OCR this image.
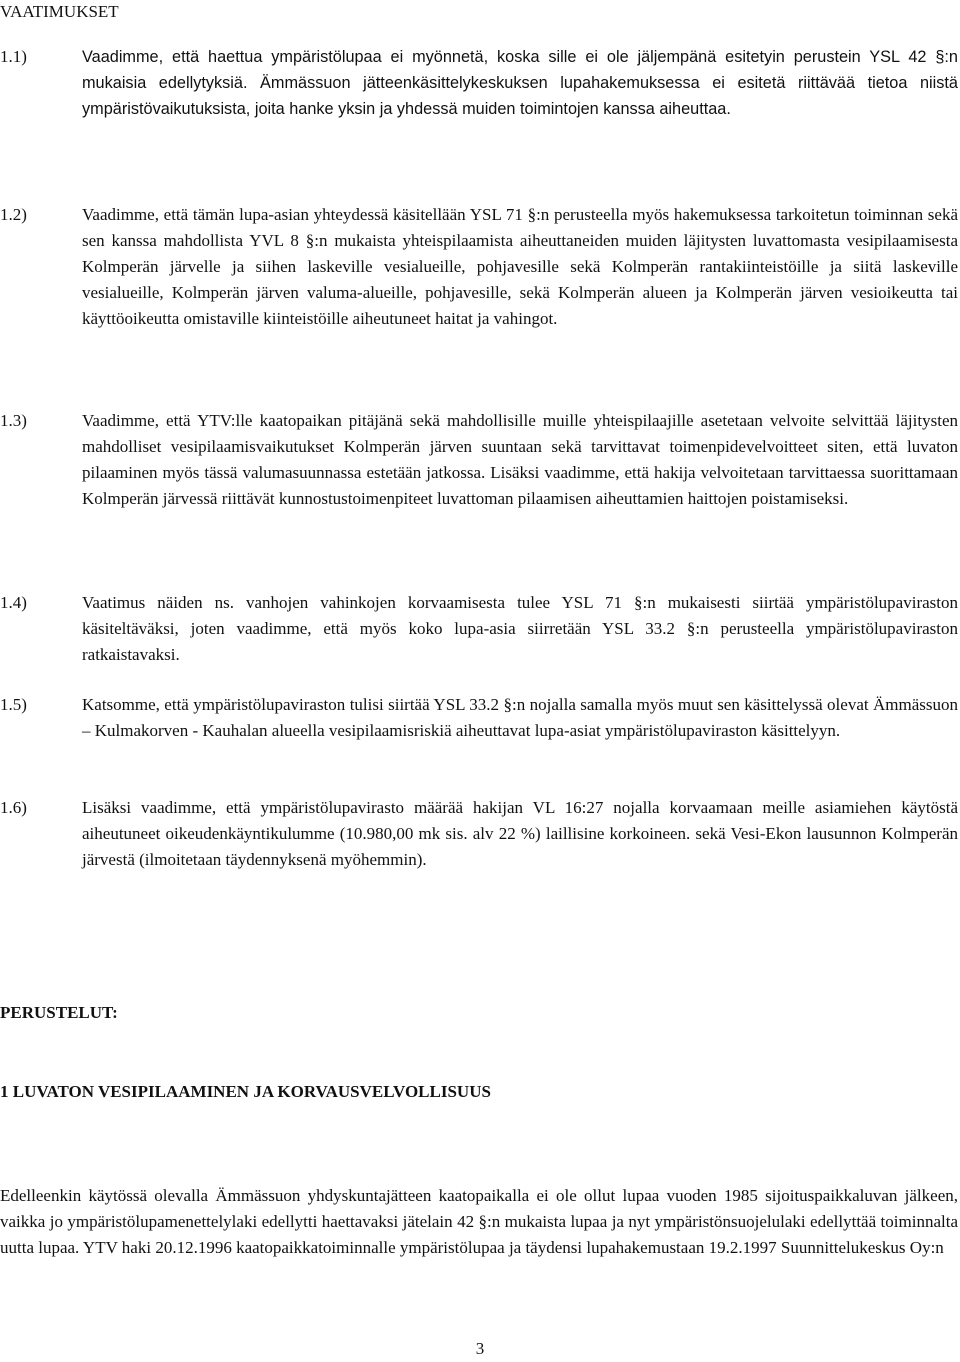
VAATIMUKSET
1.1)	Vaadimme, että haettua ympäristölupaa ei myönnetä, koska sille ei ole jäljempänä esitetyin perustein YSL 42 §:n mukaisia edellytyksiä. Ämmässuon jätteenkäsittelykeskuksen lupahakemuksessa ei esitetä riittävää tietoa niistä ympäristövaikutuksista, joita hanke yksin ja yhdessä muiden toimintojen kanssa aiheuttaa.
1.2)	Vaadimme, että tämän lupa-asian yhteydessä käsitellään YSL 71 §:n perusteella myös hakemuksessa tarkoitetun toiminnan sekä sen kanssa mahdollista YVL 8 §:n mukaista yhteispilaamista aiheuttaneiden muiden läjitysten luvattomasta vesipilaamisesta Kolmperän järvelle ja siihen laskeville vesialueille, pohjavesille sekä Kolmperän rantakiinteistöille ja siitä laskeville vesialueille, Kolmperän järven valuma-alueille, pohjavesille, sekä Kolmperän alueen ja Kolmperän järven vesioikeutta tai käyttöoikeutta omistaville kiinteistöille aiheutuneet haitat ja vahingot.
1.3)	Vaadimme, että YTV:lle kaatopaikan pitäjänä sekä mahdollisille muille yhteispilaajille asetetaan velvoite selvittää läjitysten mahdolliset vesipilaamisvaikutukset Kolmperän järven suuntaan sekä tarvittavat toimenpidevelvoitteet siten, että luvaton pilaaminen myös tässä valumasuunnassa estetään jatkossa. Lisäksi vaadimme, että hakija velvoitetaan tarvittaessa suorittamaan Kolmperän järvessä riittävät kunnostustoimenpiteet luvattoman pilaamisen aiheuttamien haittojen poistamiseksi.
1.4)	Vaatimus näiden ns. vanhojen vahinkojen korvaamisesta tulee YSL 71 §:n mukaisesti siirtää ympäristölupaviraston käsiteltäväksi, joten vaadimme, että myös koko lupa-asia siirretään YSL 33.2 §:n perusteella ympäristölupaviraston ratkaistavaksi.
1.5)	Katsomme, että ympäristölupaviraston tulisi siirtää YSL 33.2 §:n nojalla samalla myös muut sen käsittelyssä olevat Ämmässuon – Kulmakorven - Kauhalan alueella vesipilaamisriskiä aiheuttavat lupa-asiat ympäristölupaviraston käsittelyyn.
1.6)	Lisäksi vaadimme, että ympäristölupavirasto määrää hakijan VL 16:27 nojalla korvaamaan meille asiamiehen käytöstä aiheutuneet oikeudenkäyntikulumme (10.980,00 mk sis. alv 22 %) laillisine korkoineen. sekä Vesi-Ekon lausunnon Kolmperän järvestä (ilmoitetaan täydennyksenä myöhemmin).
PERUSTELUT:
1 LUVATON VESIPILAAMINEN JA KORVAUSVELVOLLISUUS
Edelleenkin käytössä olevalla Ämmässuon yhdyskuntajätteen kaatopaikalla ei ole ollut lupaa vuoden 1985 sijoituspaikkaluvan jälkeen, vaikka jo ympäristölupamenettelylaki edellytti haettavaksi jätelain 42 §:n mukaista lupaa ja nyt ympäristönsuojelulaki edellyttää toiminnalta uutta lupaa. YTV haki 20.12.1996 kaatopaikkatoiminnalle ympäristölupaa ja täydensi lupahakemustaan 19.2.1997 Suunnittelukeskus Oy:n
3
